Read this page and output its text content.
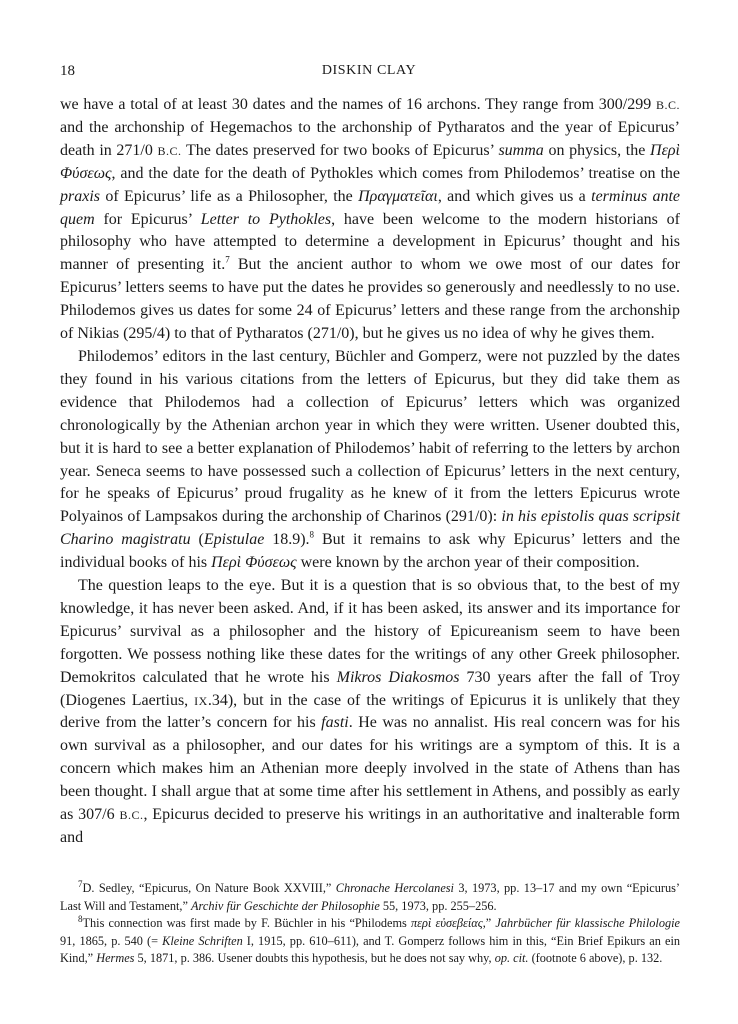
18	DISKIN CLAY

we have a total of at least 30 dates and the names of 16 archons. They range from 300/299 B.C. and the archonship of Hegemachos to the archonship of Pytharatos and the year of Epicurus’ death in 271/0 B.C. The dates preserved for two books of Epicurus’ summa on physics, the Περὶ Φύσεως, and the date for the death of Pythokles which comes from Philodemos’ treatise on the praxis of Epicurus’ life as a Philosopher, the Πραγματεῖαι, and which gives us a terminus ante quem for Epicurus’ Letter to Pythokles, have been welcome to the modern historians of philosophy who have attempted to determine a development in Epicurus’ thought and his manner of presenting it.$^7$ But the ancient author to whom we owe most of our dates for Epicurus’ letters seems to have put the dates he provides so generously and needlessly to no use. Philodemos gives us dates for some 24 of Epicurus’ letters and these range from the archonship of Nikias (295/4) to that of Pytharatos (271/0), but he gives us no idea of why he gives them.

Philodemos’ editors in the last century, Büchler and Gomperz, were not puzzled by the dates they found in his various citations from the letters of Epicurus, but they did take them as evidence that Philodemos had a collection of Epicurus’ letters which was organized chronologically by the Athenian archon year in which they were written. Usener doubted this, but it is hard to see a better explanation of Philodemos’ habit of referring to the letters by archon year. Seneca seems to have possessed such a collection of Epicurus’ letters in the next century, for he speaks of Epicurus’ proud frugality as he knew of it from the letters Epicurus wrote Polyainos of Lampsakos during the archonship of Charinos (291/0): in his epistolis quas scripsit Charino magistratu (Epistulae 18.9).$^8$ But it remains to ask why Epicurus’ letters and the individual books of his Περὶ Φύσεως were known by the archon year of their composition.

The question leaps to the eye. But it is a question that is so obvious that, to the best of my knowledge, it has never been asked. And, if it has been asked, its answer and its importance for Epicurus’ survival as a philosopher and the history of Epicureanism seem to have been forgotten. We possess nothing like these dates for the writings of any other Greek philosopher. Demokritos calculated that he wrote his Mikros Diakosmos 730 years after the fall of Troy (Diogenes Laertius, IX.34), but in the case of the writings of Epicurus it is unlikely that they derive from the latter’s concern for his fasti. He was no annalist. His real concern was for his own survival as a philosopher, and our dates for his writings are a symptom of this. It is a concern which makes him an Athenian more deeply involved in the state of Athens than has been thought. I shall argue that at some time after his settlement in Athens, and possibly as early as 307/6 B.C., Epicurus decided to preserve his writings in an authoritative and inalterable form and

$^7$D. Sedley, “Epicurus, On Nature Book XXVIII,” Chronache Hercolanesi 3, 1973, pp. 13–17 and my own “Epicurus’ Last Will and Testament,” Archiv für Geschichte der Philosophie 55, 1973, pp. 255–256.

$^8$This connection was first made by F. Büchler in his “Philodems περὶ εὐσεβείας,” Jahrbücher für klassische Philologie 91, 1865, p. 540 (= Kleine Schriften I, 1915, pp. 610–611), and T. Gomperz follows him in this, “Ein Brief Epikurs an ein Kind,” Hermes 5, 1871, p. 386. Usener doubts this hypothesis, but he does not say why, op. cit. (footnote 6 above), p. 132.
